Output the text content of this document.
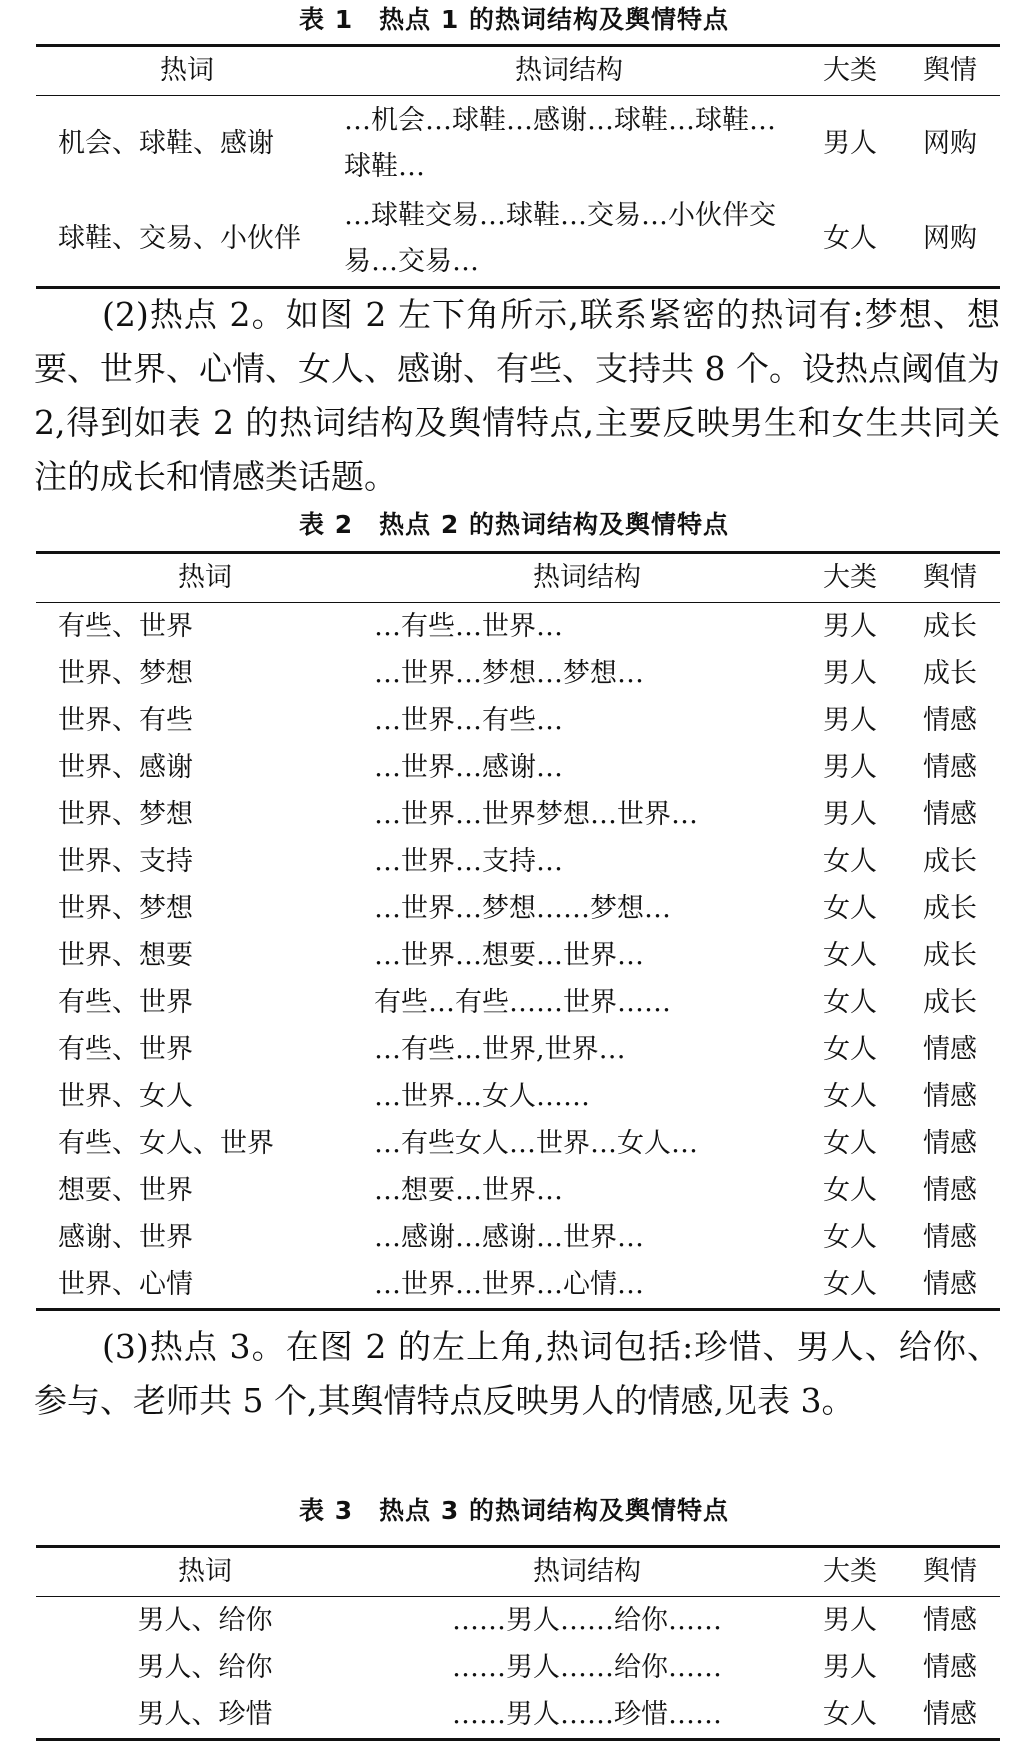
表 1　热点 1 的热词结构及舆情特点
热词	热词结构	大类	舆情
机会、球鞋、感谢	…机会…球鞋…感谢…球鞋…球鞋…球鞋…	男人	网购
球鞋、交易、小伙伴	…球鞋交易…球鞋…交易…小伙伴交易…交易…	女人	网购
(2)热点 2。如图 2 左下角所示,联系紧密的热词有:梦想、想要、世界、心情、女人、感谢、有些、支持共 8 个。设热点阈值为 2,得到如表 2 的热词结构及舆情特点,主要反映男生和女生共同关注的成长和情感类话题。
表 2　热点 2 的热词结构及舆情特点
热词	热词结构	大类	舆情
有些、世界	…有些…世界…	男人	成长
世界、梦想	…世界…梦想…梦想…	男人	成长
世界、有些	…世界…有些…	男人	情感
世界、感谢	…世界…感谢…	男人	情感
世界、梦想	…世界…世界梦想…世界…	男人	情感
世界、支持	…世界…支持…	女人	成长
世界、梦想	…世界…梦想……梦想…	女人	成长
世界、想要	…世界…想要…世界…	女人	成长
有些、世界	有些…有些……世界……	女人	成长
有些、世界	…有些…世界,世界…	女人	情感
世界、女人	…世界…女人……	女人	情感
有些、女人、世界	…有些女人…世界…女人…	女人	情感
想要、世界	…想要…世界…	女人	情感
感谢、世界	…感谢…感谢…世界…	女人	情感
世界、心情	…世界…世界…心情…	女人	情感
(3)热点 3。在图 2 的左上角,热词包括:珍惜、男人、给你、参与、老师共 5 个,其舆情特点反映男人的情感,见表 3。
表 3　热点 3 的热词结构及舆情特点
热词	热词结构	大类	舆情
男人、给你	……男人……给你……	男人	情感
男人、给你	……男人……给你……	男人	情感
男人、珍惜	……男人……珍惜……	女人	情感
